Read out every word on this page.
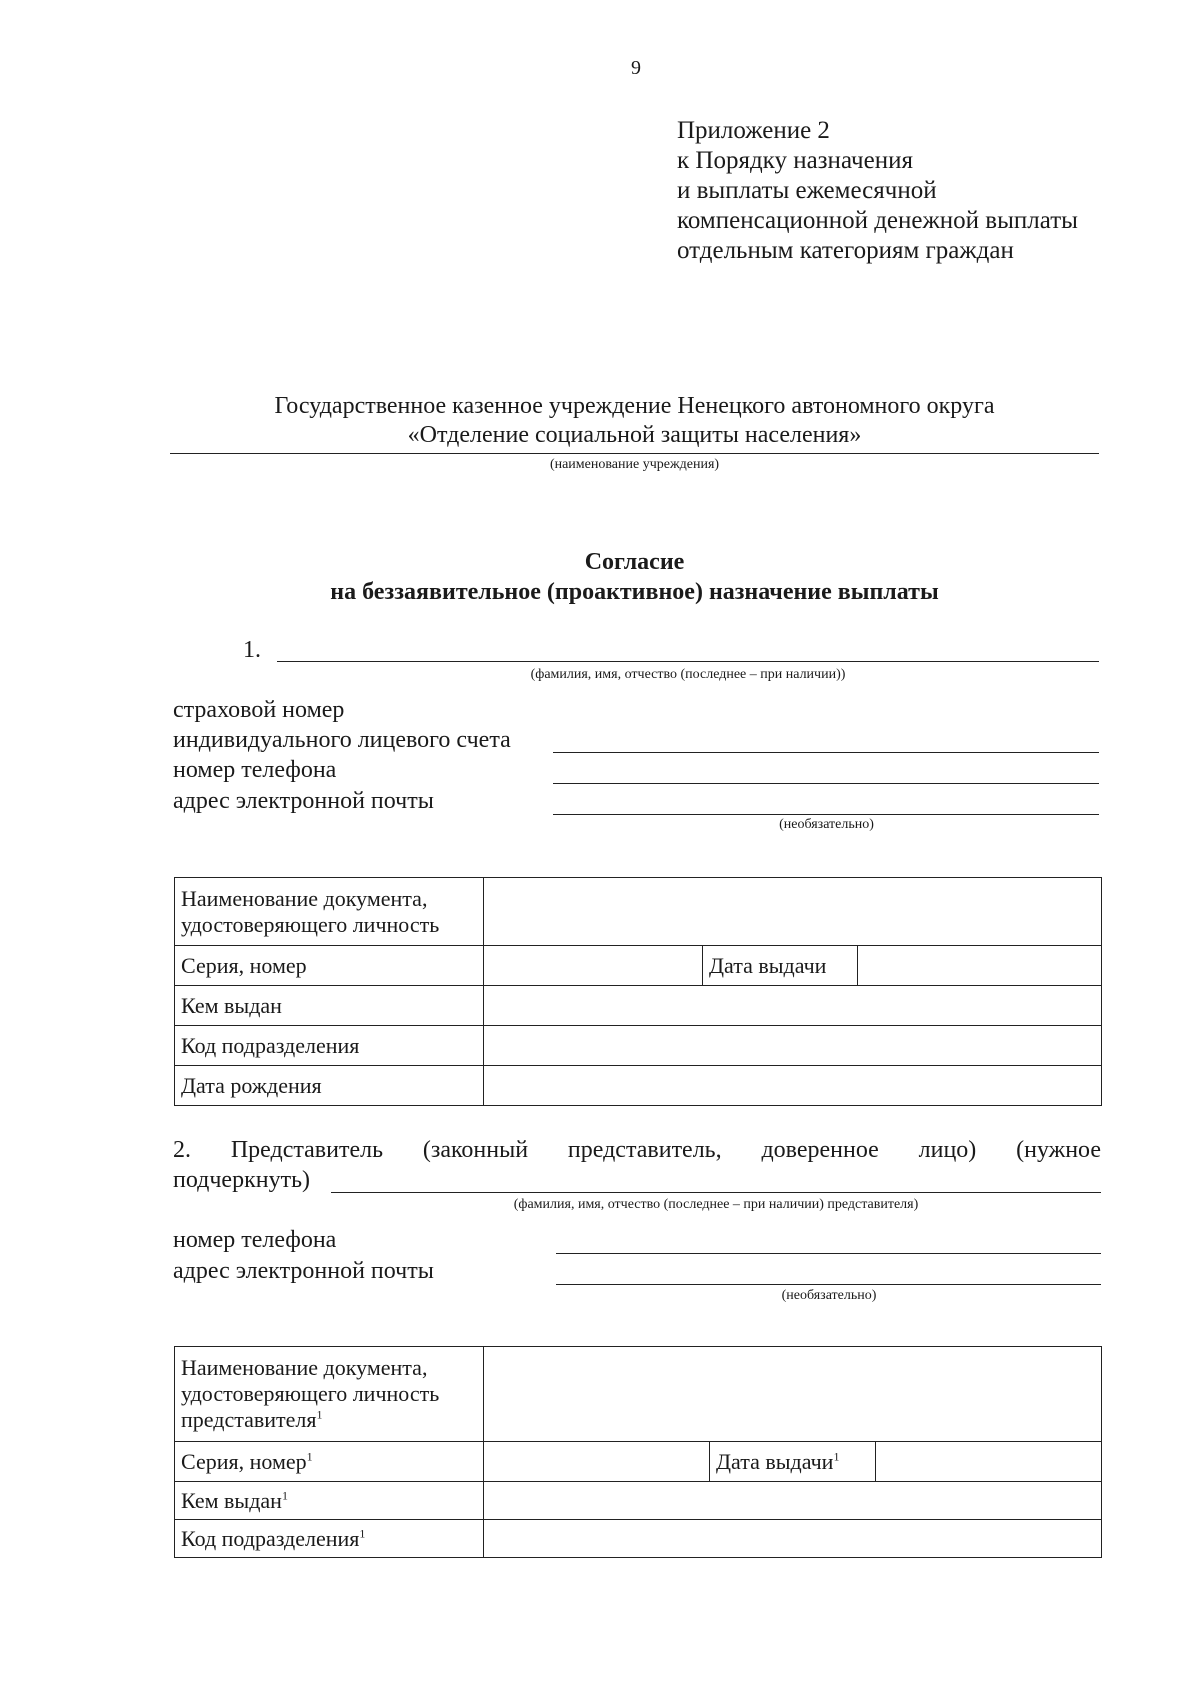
9
Приложение 2
к Порядку назначения
и выплаты ежемесячной
компенсационной денежной выплаты
отдельным категориям граждан
Государственное казенное учреждение Ненецкого автономного округа
«Отделение социальной защиты населения»
(наименование учреждения)
Согласие
на беззаявительное (проактивное) назначение выплаты
1.
(фамилия, имя, отчество (последнее – при наличии))
страховой номер
индивидуального лицевого счета
номер телефона
адрес электронной почты
(необязательно)
Наименование документа, удостоверяющего личность			
Серия, номер		Дата выдачи	
Кем выдан			
Код подразделения			
Дата рождения			
2. Представитель (законный представитель, доверенное лицо) (нужное
подчеркнуть)
(фамилия, имя, отчество (последнее – при наличии) представителя)
номер телефона
адрес электронной почты
(необязательно)
Наименование документа, удостоверяющего личность представителя$^1$	
Серия, номер$^1$		Дата выдачи$^1$	
Кем выдан$^1$	
Код подразделения$^1$	
